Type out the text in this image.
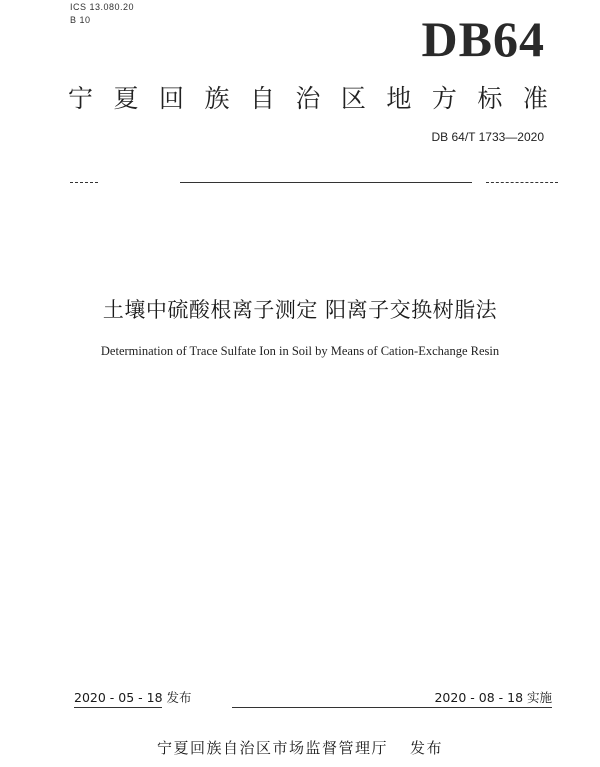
ICS 13.080.20
B 10	DB64
宁 夏 回 族 自 治 区 地 方 标 准
DB 64/T 1733—2020
土壤中硫酸根离子测定 阳离子交换树脂法
Determination of Trace Sulfate Ion in Soil by Means of Cation-Exchange Resin
2020 - 05 - 18 发布	2020 - 08 - 18 实施
宁夏回族自治区市场监督管理厅 发布
